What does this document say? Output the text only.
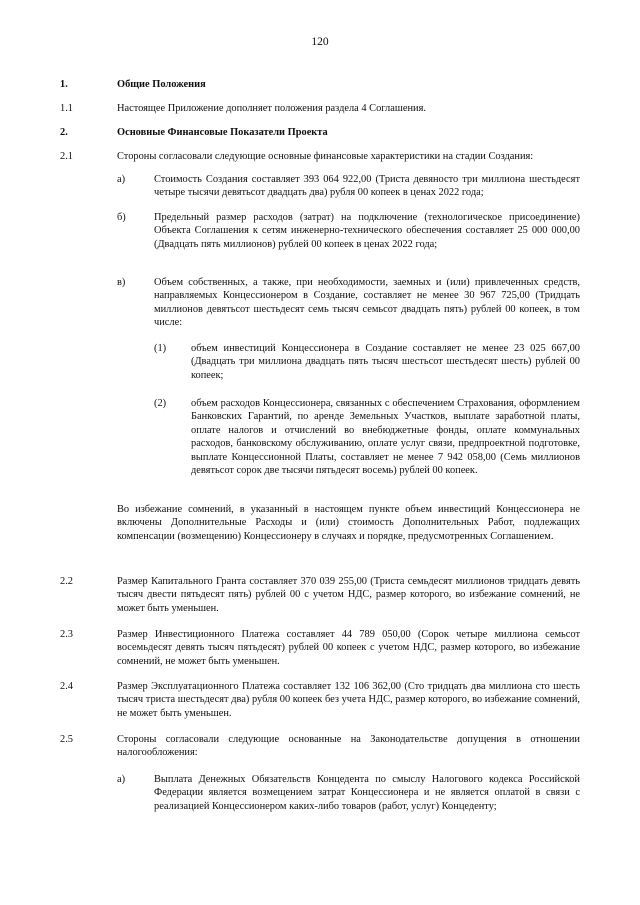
120
1.	Общие Положения
1.1	Настоящее Приложение дополняет положения раздела 4 Соглашения.
2.	Основные Финансовые Показатели Проекта
2.1	Стороны согласовали следующие основные финансовые характеристики на стадии Создания:
а)	Стоимость Создания составляет 393 064 922,00 (Триста девяносто три миллиона шестьдесят четыре тысячи девятьсот двадцать два) рубля 00 копеек в ценах 2022 года;
б)	Предельный размер расходов (затрат) на подключение (технологическое присоединение) Объекта Соглашения к сетям инженерно-технического обеспечения составляет 25 000 000,00 (Двадцать пять миллионов) рублей 00 копеек в ценах 2022 года;
в)	Объем собственных, а также, при необходимости, заемных и (или) привлеченных средств, направляемых Концессионером в Создание, составляет не менее 30 967 725,00 (Тридцать миллионов девятьсот шестьдесят семь тысяч семьсот двадцать пять) рублей 00 копеек, в том числе:
(1) объем инвестиций Концессионера в Создание составляет не менее 23 025 667,00 (Двадцать три миллиона двадцать пять тысяч шестьсот шестьдесят шесть) рублей 00 копеек;
(2) объем расходов Концессионера, связанных с обеспечением Страхования, оформлением Банковских Гарантий, по аренде Земельных Участков, выплате заработной платы, оплате налогов и отчислений во внебюджетные фонды, оплате коммунальных расходов, банковскому обслуживанию, оплате услуг связи, предпроектной подготовке, выплате Концессионной Платы, составляет не менее 7 942 058,00 (Семь миллионов девятьсот сорок две тысячи пятьдесят восемь) рублей 00 копеек.
Во избежание сомнений, в указанный в настоящем пункте объем инвестиций Концессионера не включены Дополнительные Расходы и (или) стоимость Дополнительных Работ, подлежащих компенсации (возмещению) Концессионеру в случаях и порядке, предусмотренных Соглашением.
2.2	Размер Капитального Гранта составляет 370 039 255,00 (Триста семьдесят миллионов тридцать девять тысяч двести пятьдесят пять) рублей 00 с учетом НДС, размер которого, во избежание сомнений, не может быть уменьшен.
2.3	Размер Инвестиционного Платежа составляет 44 789 050,00 (Сорок четыре миллиона семьсот восемьдесят девять тысяч пятьдесят) рублей 00 копеек с учетом НДС, размер которого, во избежание сомнений, не может быть уменьшен.
2.4	Размер Эксплуатационного Платежа составляет 132 106 362,00 (Сто тридцать два миллиона сто шесть тысяч триста шестьдесят два) рубля 00 копеек без учета НДС, размер которого, во избежание сомнений, не может быть уменьшен.
2.5	Стороны согласовали следующие основанные на Законодательстве допущения в отношении налогообложения:
а)	Выплата Денежных Обязательств Концедента по смыслу Налогового кодекса Российской Федерации является возмещением затрат Концессионера и не является оплатой в связи с реализацией Концессионером каких-либо товаров (работ, услуг) Концеденту;
